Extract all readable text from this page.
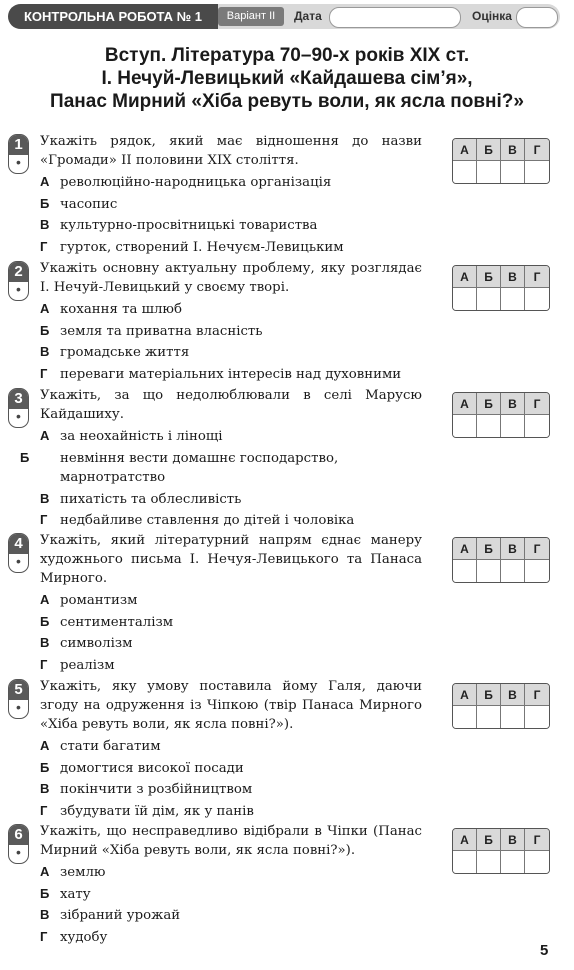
КОНТРОЛЬНА РОБОТА № 1	Варіант ІІ	Дата	Оцінка
Вступ. Література 70–90-х років XIX ст.
І. Нечуй-Левицький «Кайдашева сім’я»,
Панас Мирний «Хіба ревуть воли, як ясла повні?»
1
•

Укажіть рядок, який має відношення до назви «Громади» ІІ половини XIX століття.

А революційно-народницька організація

Б часопис

В культурно-просвітницькі товариства

Г гурток, створений І. Нечуєм-Левицьким

А	Б	В	Г
2
•

Укажіть основну актуальну проблему, яку розглядає І. Нечуй-Левицький у своєму творі.

А кохання та шлюб

Б земля та приватна власність

В громадське життя

Г переваги матеріальних інтересів над духовними

А	Б	В	Г
3
•

Укажіть, за що недолюблювали в селі Марусю Кайдашиху.

А за неохайність і лінощі

Б невміння вести домашнє господарство, марнотратство

В пихатість та облесливість

Г недбайливе ставлення до дітей і чоловіка

А	Б	В	Г
4
•

Укажіть, який літературний напрям єднає манеру художнього письма І. Нечуя-Левицького та Панаса Мирного.

А романтизм

Б сентименталізм

В символізм

Г реалізм

А	Б	В	Г
5
•

Укажіть, яку умову поставила йому Галя, даючи згоду на одруження із Чіпкою (твір Панаса Мирного «Хіба ревуть воли, як ясла повні?»).

А стати багатим

Б домогтися високої посади

В покінчити з розбійництвом

Г збудувати їй дім, як у панів

А	Б	В	Г
6
•

Укажіть, що несправедливо відібрали в Чіпки (Панас Мирний «Хіба ревуть воли, як ясла повні?»).

А землю

Б хату

В зібраний урожай

Г худобу

А	Б	В	Г
5
